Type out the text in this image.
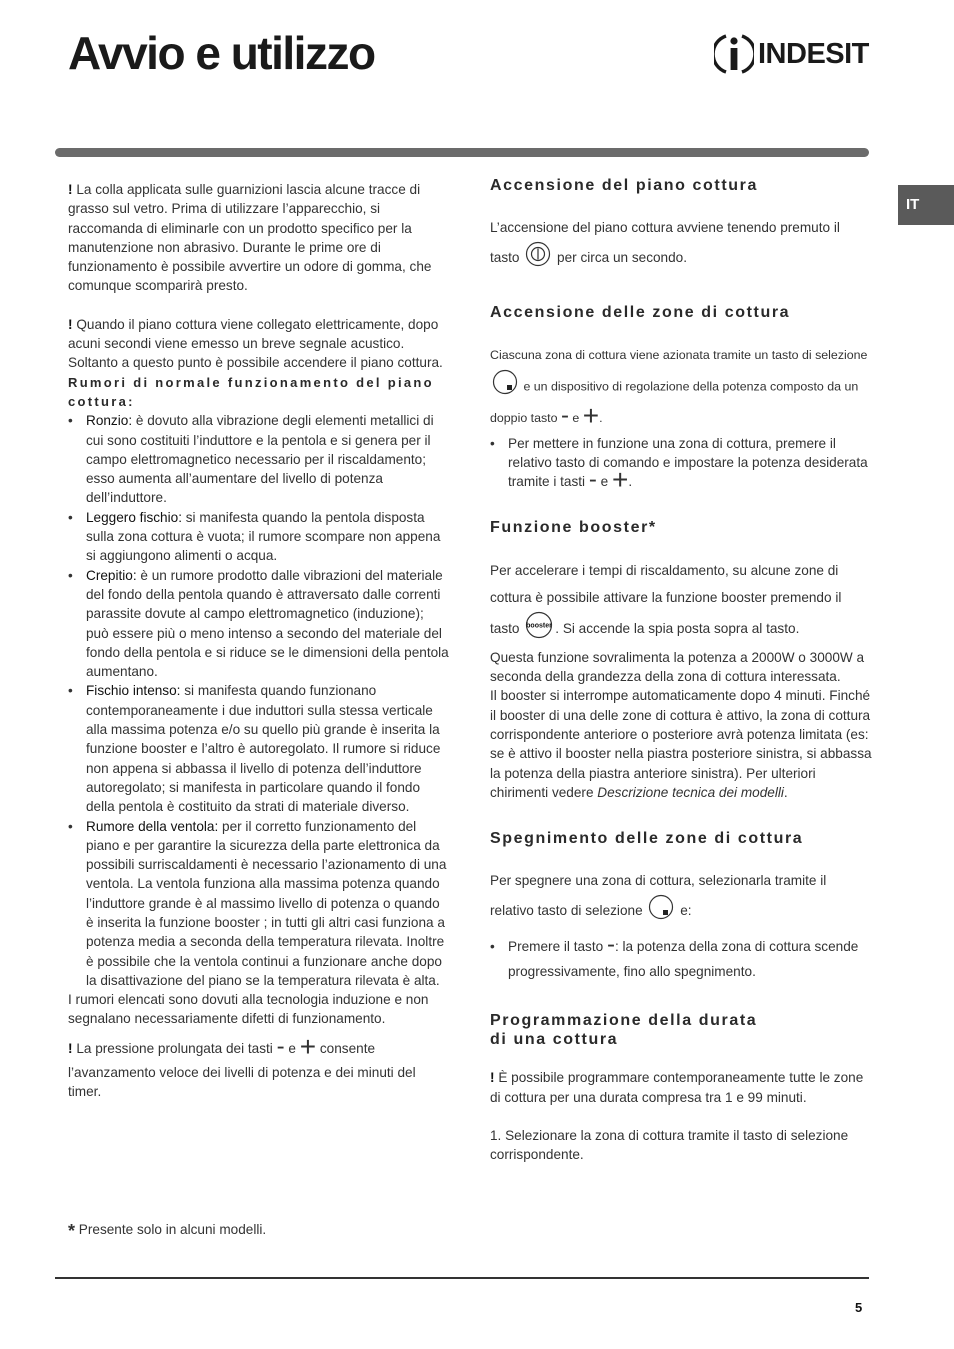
Avvio e utilizzo	INDESIT
IT

! La colla applicata sulle guarnizioni lascia alcune tracce di grasso sul vetro. Prima di utilizzare l’apparecchio, si raccomanda di eliminarle con un prodotto specifico per la manutenzione non abrasivo. Durante le prime ore di funzionamento è possibile avvertire un odore di gomma, che comunque scomparirà presto.

! Quando il piano cottura viene collegato elettricamente, dopo acuni secondi viene emesso un breve segnale acustico. Soltanto a questo punto è possibile accendere il piano cottura.

Rumori di normale funzionamento del piano cottura:

• Ronzio: è dovuto alla vibrazione degli elementi metallici di cui sono costituiti l’induttore e la pentola e si genera per il campo elettromagnetico necessario per il riscaldamento; esso aumenta all’aumentare del livello di potenza dell’induttore.
• Leggero fischio: si manifesta quando la pentola disposta sulla zona cottura è vuota; il rumore scompare non appena si aggiungono alimenti o acqua.
• Crepitio: è un rumore prodotto dalle vibrazioni del materiale del fondo della pentola quando è attraversato dalle correnti parassite dovute al campo elettromagnetico (induzione); può essere più o meno intenso a secondo del materiale del fondo della pentola e si riduce se le dimensioni della pentola aumentano.
• Fischio intenso: si manifesta quando funzionano contemporaneamente i due induttori sulla stessa verticale alla massima potenza e/o su quello più grande è inserita la funzione booster e l’altro è autoregolato. Il rumore si riduce non appena si abbassa il livello di potenza dell’induttore autoregolato; si manifesta in particolare quando il fondo della pentola è costituito da strati di materiale diverso.
• Rumore della ventola: per il corretto funzionamento del piano e per garantire la sicurezza della parte elettronica da possibili surriscaldamenti è necessario l’azionamento di una ventola. La ventola funziona alla massima potenza quando l’induttore grande è al massimo livello di potenza o quando è inserita la funzione booster ; in tutti gli altri casi funziona a potenza media a seconda della temperatura rilevata. Inoltre è possibile che la ventola continui a funzionare anche dopo la disattivazione del piano se la temperatura rilevata è alta.

I rumori elencati sono dovuti alla tecnologia induzione e non segnalano necessariamente difetti di funzionamento.

! La pressione prolungata dei tasti - e + consente

l’avanzamento veloce dei livelli di potenza e dei minuti del timer.

* Presente solo in alcuni modelli.

Accensione del piano cottura

L’accensione del piano cottura avviene tenendo premuto il tasto	per circa un secondo.

Accensione delle zone di cottura

Ciascuna zona di cottura viene azionata tramite un tasto di selezione  e un dispositivo di regolazione della potenza composto da un doppio tasto - e +.

• Per mettere in funzione una zona di cottura, premere il relativo tasto di comando e impostare la potenza desiderata tramite i tasti - e +.

Funzione booster*

Per accelerare i tempi di riscaldamento, su alcune zone di cottura è possibile attivare la funzione booster premendo il tasto booster . Si accende la spia posta sopra al tasto.

Questa funzione sovralimenta la potenza a 2000W o 3000W a seconda della grandezza della zona di cottura interessata.

Il booster si interrompe automaticamente dopo 4 minuti. Finché il booster di una delle zone di cottura è attivo, la zona di cottura corrispondente anteriore o posteriore avrà potenza limitata (es: se è attivo il booster nella piastra posteriore sinistra, si abbassa la potenza della piastra anteriore sinistra). Per ulteriori chirimenti vedere Descrizione tecnica dei modelli.

Spegnimento delle zone di cottura

Per spegnere una zona di cottura, selezionarla tramite il relativo tasto di selezione	e:

• Premere il tasto -: la potenza della zona di cottura scende progressivamente, fino allo spegnimento.

Programmazione della durata
di una cottura

! È possibile programmare contemporaneamente tutte le zone di cottura per una durata compresa tra 1 e 99 minuti.

1. Selezionare la zona di cottura tramite il tasto di selezione corrispondente.

5
